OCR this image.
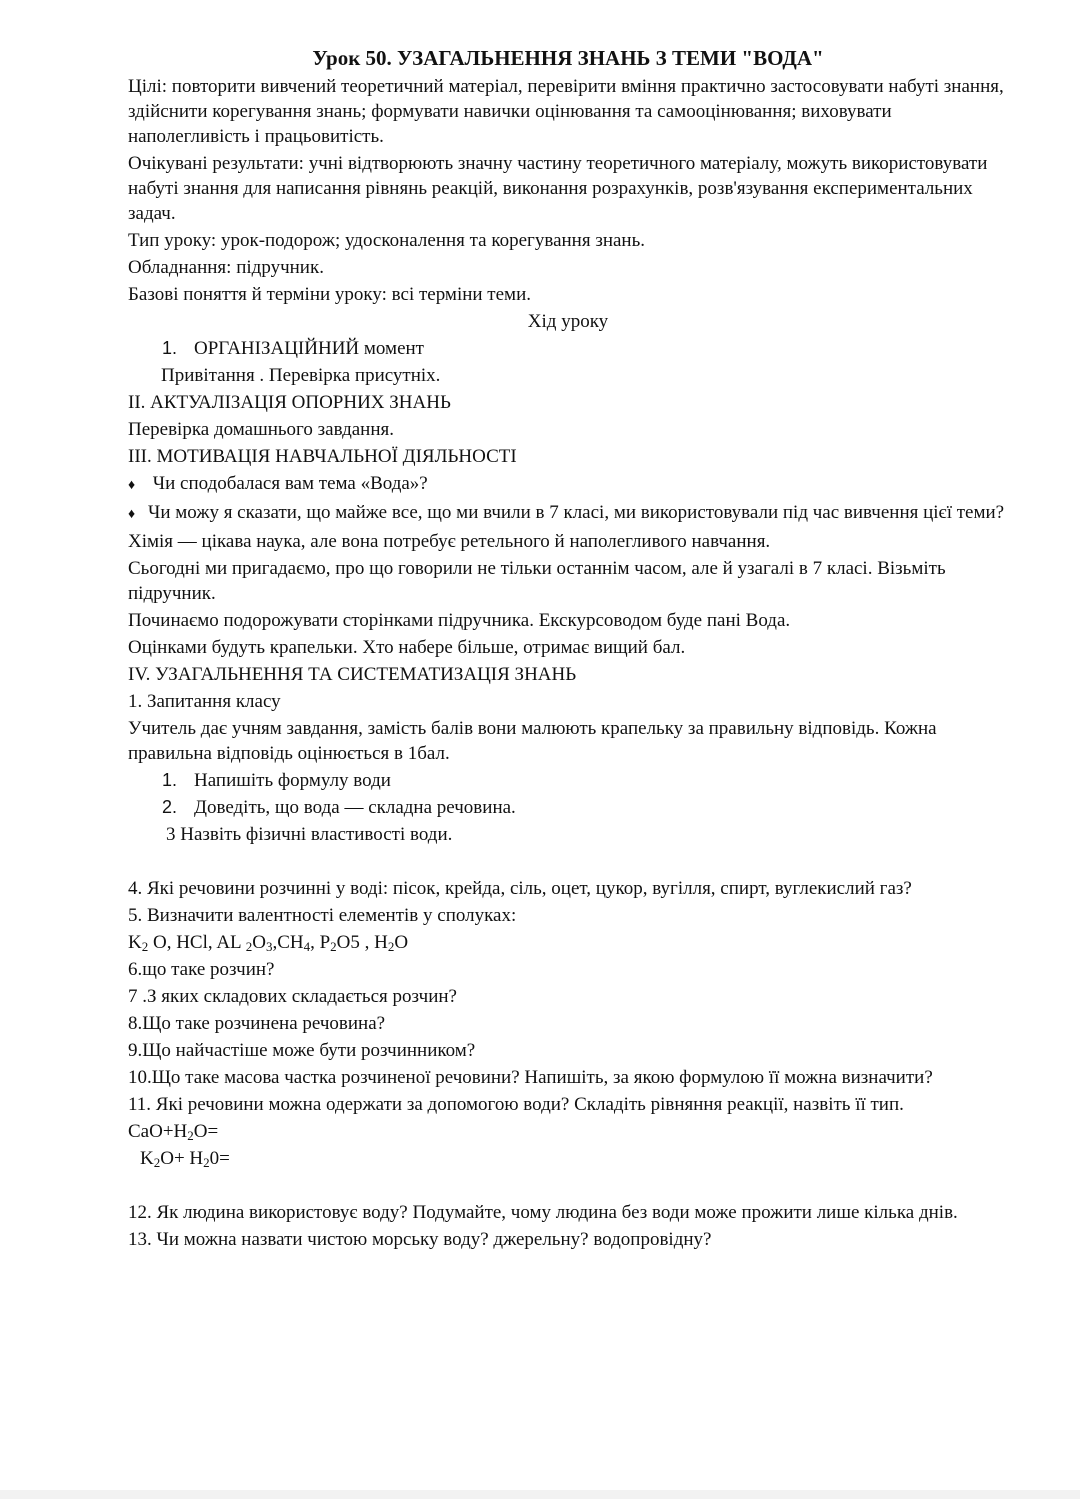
Урок 50. УЗАГАЛЬНЕННЯ ЗНАНЬ З ТЕМИ "ВОДА"

Цілі: повторити вивчений теоретичний матеріал, перевірити вміння практично застосовувати набуті знання, здійснити корегування знань; формувати навички оцінювання та самооцінювання; виховувати наполегливість і працьовитість.

Очікувані результати: учні відтворюють значну частину теоретичного матеріалу, можуть використовувати набуті знання для написання рівнянь реакцій, виконання розрахунків, розв'язування експериментальних задач.

Тип уроку: урок-подорож; удосконалення та корегування знань.

Обладнання: підручник.

Базові поняття й терміни уроку: всі терміни теми.

Хід уроку

1. ОРГАНІЗАЦІЙНИЙ момент

Привітання . Перевірка присутніх.

II. АКТУАЛІЗАЦІЯ ОПОРНИХ ЗНАНЬ

Перевірка домашнього завдання.

III. МОТИВАЦІЯ НАВЧАЛЬНОЇ ДІЯЛЬНОСТІ

♦ Чи сподобалася вам тема «Вода»?
♦ Чи можу я сказати, що майже все, що ми вчили в 7 класі, ми використовували під час вивчення цієї теми?

Хімія — цікава наука, але вона потребує ретельного й наполегливого навчання.

Сьогодні ми пригадаємо, про що говорили не тільки останнім часом, але й узагалі в 7 класі. Візьміть підручник.

Починаємо подорожувати сторінками підручника. Екскурсоводом буде пані Вода.

Оцінками будуть крапельки. Хто набере більше, отримає вищий бал.

IV. УЗАГАЛЬНЕННЯ ТА СИСТЕМАТИЗАЦІЯ ЗНАНЬ

1. Запитання класу

Учитель дає учням завдання, замість балів вони малюють крапельку за правильну відповідь. Кожна правильна відповідь оцінюється в 1бал.

1. Напишіть формулу води
2. Доведіть, що вода — складна речовина.

3 Назвіть фізичні властивості води.

4. Які речовини розчинні у воді: пісок, крейда, сіль, оцет, цукор, вугілля, спирт, вуглекислий газ?

5. Визначити валентності елементів у сполуках:

$K_2$ O, HCl, AL $_2O_3,CH_4$, $P_2O5$ , $H_2O$

6.що таке розчин?

7 .З яких складових складається розчин?

8.Що таке розчинена речовина?

9.Що найчастіше може бути розчинником?

10.Що таке масова частка розчиненої речовини? Напишіть, за якою формулою її можна визначити?

11. Які речовини можна одержати за допомогою води? Складіть рівняння реакції, назвіть її тип.

$CaO+H_2O=$

$K_2O+ H_20=$

12. Як людина використовує воду? Подумайте, чому людина без води може прожити лише кілька днів.

13. Чи можна назвати чистою морську воду? джерельну? водопровідну?
